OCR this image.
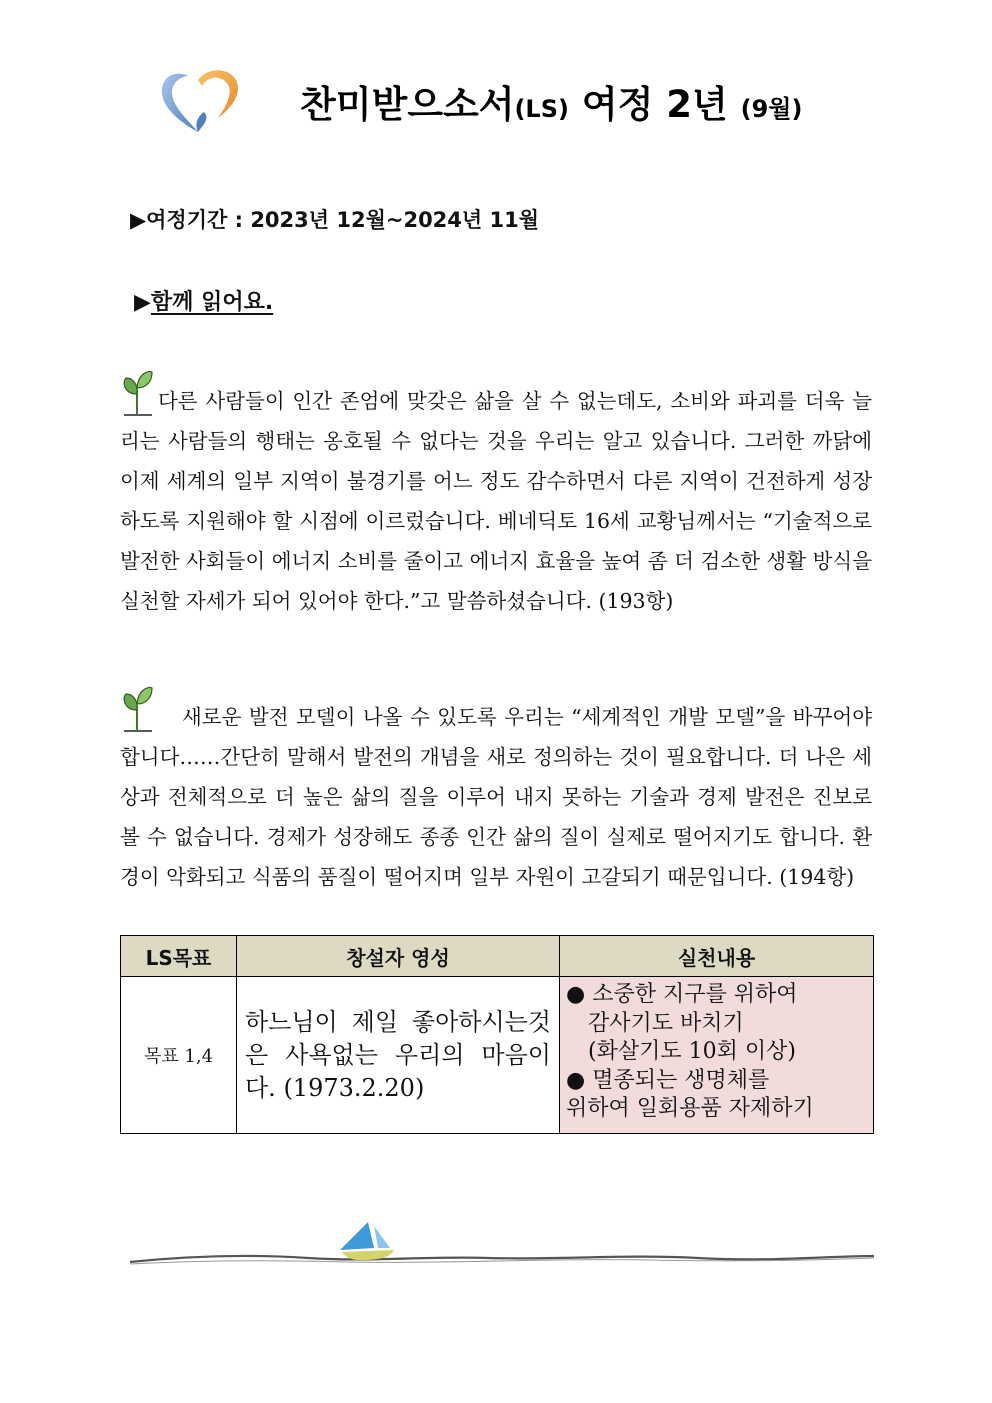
찬미받으소서(LS) 여정 2년 (9월)
▶여정기간 : 2023년 12월~2024년 11월
▶함께 읽어요.
다른 사람들이 인간 존엄에 맞갖은 삶을 살 수 없는데도, 소비와 파괴를 더욱 늘리는 사람들의 행태는 옹호될 수 없다는 것을 우리는 알고 있습니다. 그러한 까닭에 이제 세계의 일부 지역이 불경기를 어느 정도 감수하면서 다른 지역이 건전하게 성장하도록 지원해야 할 시점에 이르렀습니다. 베네딕토 16세 교황님께서는 “기술적으로 발전한 사회들이 에너지 소비를 줄이고 에너지 효율을 높여 좀 더 검소한 생활 방식을 실천할 자세가 되어 있어야 한다.”고 말씀하셨습니다. (193항)
새로운 발전 모델이 나올 수 있도록 우리는 “세계적인 개발 모델”을 바꾸어야 합니다……간단히 말해서 발전의 개념을 새로 정의하는 것이 필요합니다. 더 나은 세상과 전체적으로 더 높은 삶의 질을 이루어 내지 못하는 기술과 경제 발전은 진보로 볼 수 없습니다. 경제가 성장해도 종종 인간 삶의 질이 실제로 떨어지기도 합니다. 환경이 악화되고 식품의 품질이 떨어지며 일부 자원이 고갈되기 때문입니다. (194항)
LS목표	창설자 영성	실천내용
목표 1,4	하느님이 제일 좋아하시는것은 사욕없는 우리의 마음이다. (1973.2.20)	● 소중한 지구를 위하여
감사기도 바치기
(화살기도 10회 이상)
● 멸종되는 생명체를
위하여 일회용품 자제하기
